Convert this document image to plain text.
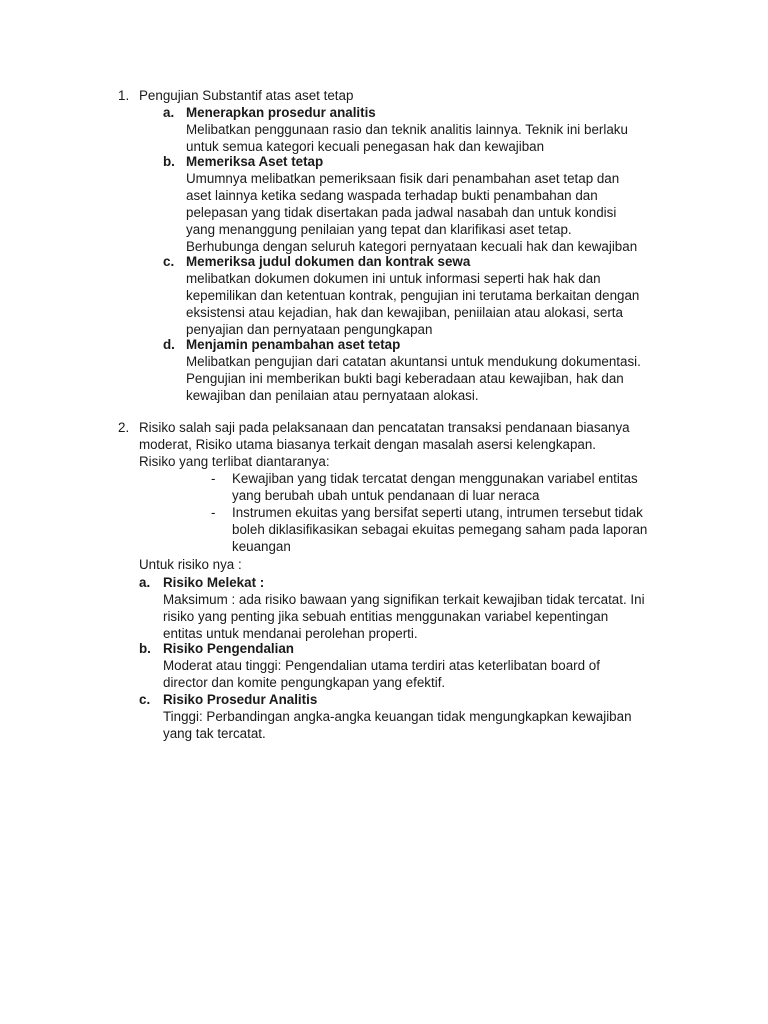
1. Pengujian Substantif atas aset tetap
a. Menerapkan prosedur analitis
Melibatkan penggunaan rasio dan teknik analitis lainnya. Teknik ini berlaku
untuk semua kategori kecuali penegasan hak dan kewajiban
b. Memeriksa Aset tetap
Umumnya melibatkan pemeriksaan fisik dari penambahan aset tetap dan
aset lainnya ketika sedang waspada terhadap bukti penambahan dan
pelepasan yang tidak disertakan pada jadwal nasabah dan untuk kondisi
yang menanggung penilaian yang tepat dan klarifikasi aset tetap.
Berhubunga dengan seluruh kategori pernyataan kecuali hak dan kewajiban
c. Memeriksa judul dokumen dan kontrak sewa
melibatkan dokumen dokumen ini untuk informasi seperti hak hak dan
kepemilikan dan ketentuan kontrak, pengujian ini terutama berkaitan dengan
eksistensi atau kejadian, hak dan kewajiban, peniilaian atau alokasi, serta
penyajian dan pernyataan pengungkapan
d. Menjamin penambahan aset tetap
Melibatkan pengujian dari catatan akuntansi untuk mendukung dokumentasi.
Pengujian ini memberikan bukti bagi keberadaan atau kewajiban, hak dan
kewajiban dan penilaian atau pernyataan alokasi.
2. Risiko salah saji pada pelaksanaan dan pencatatan transaksi pendanaan biasanya
moderat, Risiko utama biasanya terkait dengan masalah asersi kelengkapan.
Risiko yang terlibat diantaranya:
- Kewajiban yang tidak tercatat dengan menggunakan variabel entitas
yang berubah ubah untuk pendanaan di luar neraca
- Instrumen ekuitas yang bersifat seperti utang, intrumen tersebut tidak
boleh diklasifikasikan sebagai ekuitas pemegang saham pada laporan
keuangan
Untuk risiko nya :
a. Risiko Melekat :
Maksimum : ada risiko bawaan yang signifikan terkait kewajiban tidak tercatat. Ini
risiko yang penting jika sebuah entitias menggunakan variabel kepentingan
entitas untuk mendanai perolehan properti.
b. Risiko Pengendalian
Moderat atau tinggi: Pengendalian utama terdiri atas keterlibatan board of
director dan komite pengungkapan yang efektif.
c. Risiko Prosedur Analitis
Tinggi: Perbandingan angka-angka keuangan tidak mengungkapkan kewajiban
yang tak tercatat.
